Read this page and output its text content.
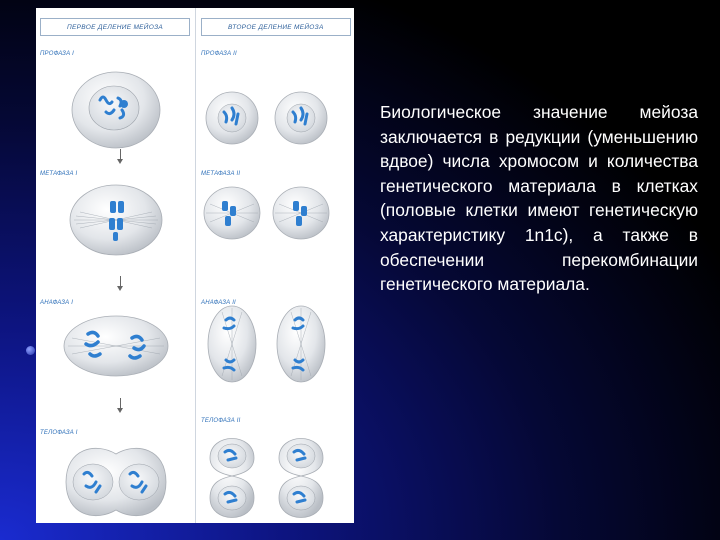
ПЕРВОЕ ДЕЛЕНИЕ МЕЙОЗА	ВТОРОЕ ДЕЛЕНИЕ МЕЙОЗА
ПРОФАЗА I
МЕТАФАЗА I
АНАФАЗА I
ТЕЛОФАЗА I
ПРОФАЗА II
МЕТАФАЗА II
АНАФАЗА II
ТЕЛОФАЗА II
Биологическое значение мейоза заключается в редукции (уменьшению вдвое) числа хромосом и количества генетического материала в клетках (половые клетки имеют генетическую характеристику 1n1c), а также в обеспечении перекомбинации генетического материала.
